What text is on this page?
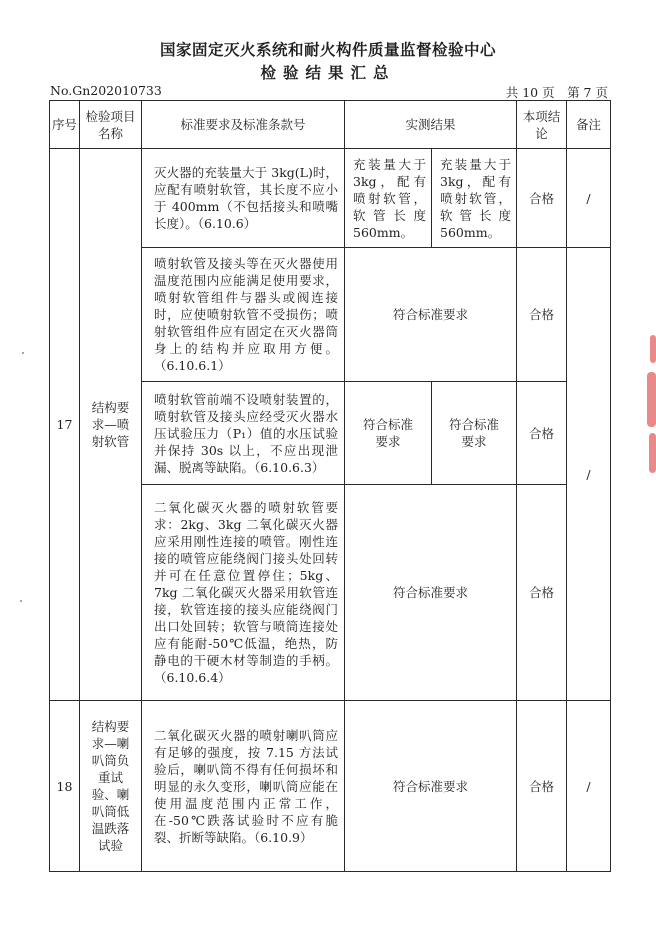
国家固定灭火系统和耐火构件质量监督检验中心
检验结果汇总
No.Gn202010733	共 10 页　第 7 页
序号	检验项目名称	标准要求及标准条款号	实测结果		本项结论	备注
17	结构要求—喷射软管	灭火器的充装量大于 3kg(L)时，应配有喷射软管，其长度不应小于 400mm（不包括接头和喷嘴长度）。（6.10.6）	充装量大于 3kg，配有喷射软管，软管长度 560mm。	充装量大于 3kg，配有喷射软管，软管长度 560mm。	合格	/
		喷射软管及接头等在灭火器使用温度范围内应能满足使用要求，喷射软管组件与器头或阀连接时，应使喷射软管不受损伤；喷射软管组件应有固定在灭火器筒身上的结构并应取用方便。（6.10.6.1）	符合标准要求		合格	/
		喷射软管前端不设喷射装置的，喷射软管及接头应经受灭火器水压试验压力（P₁）值的水压试验并保持 30s 以上，不应出现泄漏、脱离等缺陷。（6.10.6.3）	符合标准要求	符合标准要求	合格	
		二氧化碳灭火器的喷射软管要求：2kg、3kg 二氧化碳灭火器应采用刚性连接的喷管。刚性连接的喷管应能绕阀门接头处回转并可在任意位置停住；5kg、7kg 二氧化碳灭火器采用软管连接，软管连接的接头应能绕阀门出口处回转；软管与喷筒连接处应有能耐-50℃低温，绝热，防静电的干硬木材等制造的手柄。（6.10.6.4）	符合标准要求		合格	
18	结构要求—喇叭筒负重试验、喇叭筒低温跌落试验	二氧化碳灭火器的喷射喇叭筒应有足够的强度，按 7.15 方法试验后，喇叭筒不得有任何损坏和明显的永久变形，喇叭筒应能在使用温度范围内正常工作，在-50℃跌落试验时不应有脆裂、折断等缺陷。（6.10.9）	符合标准要求		合格	/
